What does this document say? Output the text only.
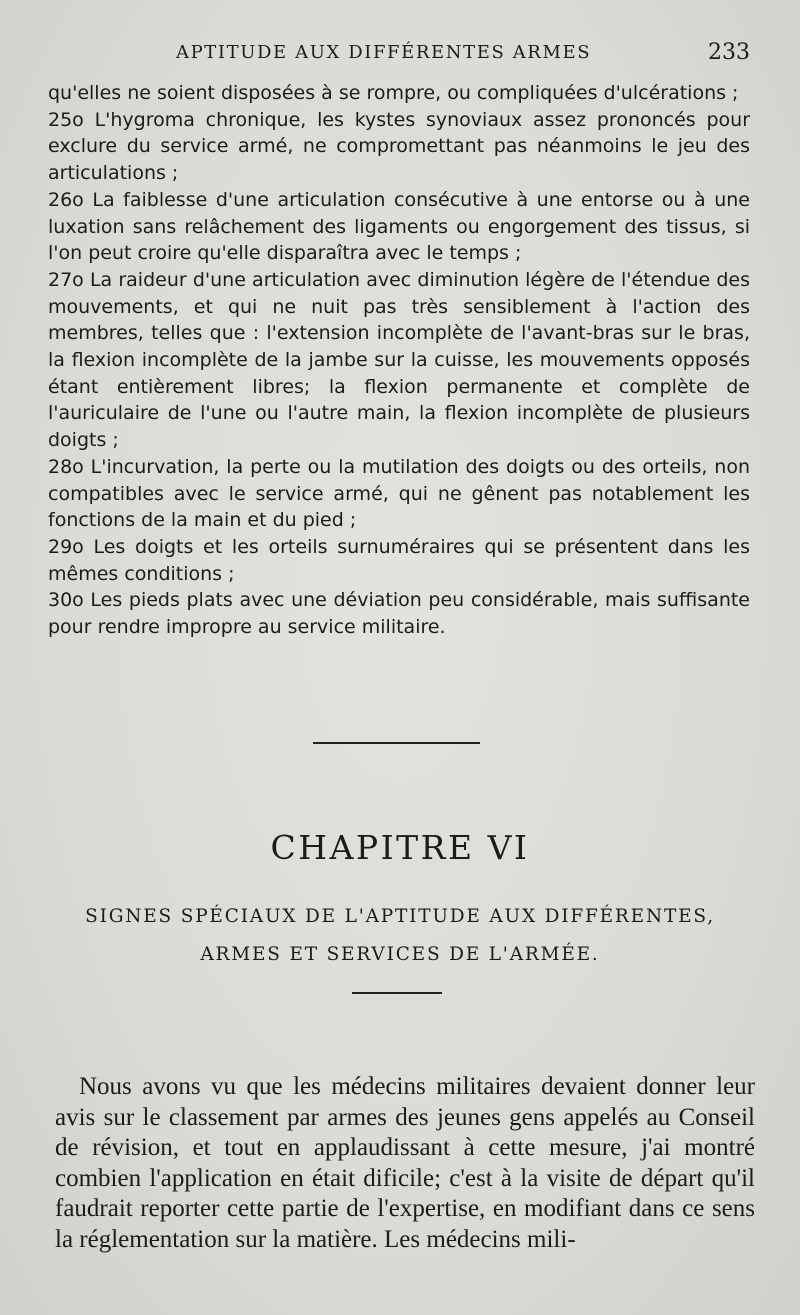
APTITUDE AUX DIFFÉRENTES ARMES	233

qu'elles ne soient disposées à se rompre, ou compliquées d'ulcérations ;

25o L'hygroma chronique, les kystes synoviaux assez prononcés pour exclure du service armé, ne compromettant pas néanmoins le jeu des articulations ;

26o La faiblesse d'une articulation consécutive à une entorse ou à une luxation sans relâchement des ligaments ou engorgement des tissus, si l'on peut croire qu'elle disparaîtra avec le temps ;

27o La raideur d'une articulation avec diminution légère de l'étendue des mouvements, et qui ne nuit pas très sensiblement à l'action des membres, telles que : l'extension incomplète de l'avant-bras sur le bras, la flexion incomplète de la jambe sur la cuisse, les mouvements opposés étant entièrement libres; la flexion permanente et complète de l'auriculaire de l'une ou l'autre main, la flexion incomplète de plusieurs doigts ;

28o L'incurvation, la perte ou la mutilation des doigts ou des orteils, non compatibles avec le service armé, qui ne gênent pas notablement les fonctions de la main et du pied ;

29o Les doigts et les orteils surnuméraires qui se présentent dans les mêmes conditions ;

30o Les pieds plats avec une déviation peu considérable, mais suffisante pour rendre impropre au service militaire.

CHAPITRE VI
SIGNES SPÉCIAUX DE L'APTITUDE AUX DIFFÉRENTES,
ARMES ET SERVICES DE L'ARMÉE.

Nous avons vu que les médecins militaires devaient donner leur avis sur le classement par armes des jeunes gens appelés au Conseil de révision, et tout en applaudissant à cette mesure, j'ai montré combien l'application en était dificile; c'est à la visite de départ qu'il faudrait reporter cette partie de l'expertise, en modifiant dans ce sens la réglementation sur la matière. Les médecins mili-
